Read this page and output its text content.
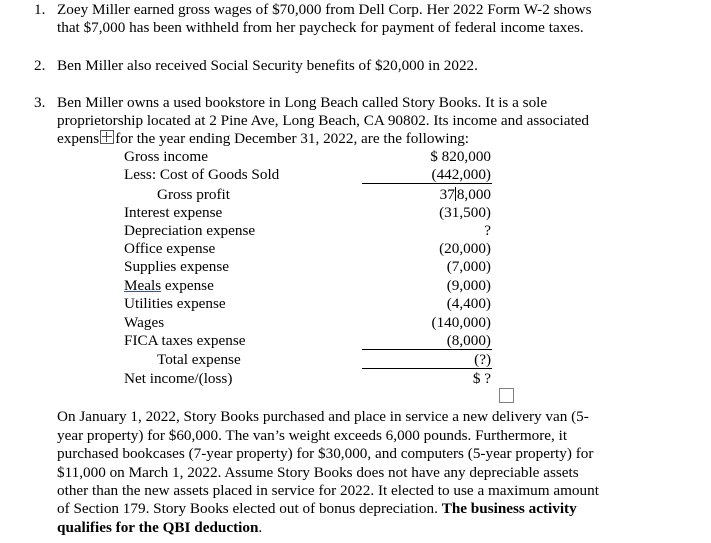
1. Zoey Miller earned gross wages of $70,000 from Dell Corp. Her 2022 Form W-2 shows
that $7,000 has been withheld from her paycheck for payment of federal income taxes.
2. Ben Miller also received Social Security benefits of $20,000 in 2022.
3. Ben Miller owns a used bookstore in Long Beach called Story Books. It is a sole
proprietorship located at 2 Pine Ave, Long Beach, CA 90802. Its income and associated
expens for the year ending December 31, 2022, are the following:
Gross income	$ 820,000
Less: Cost of Goods Sold	(442,000)
Gross profit	37 8,000
Interest expense	(31,500)
Depreciation expense	?
Office expense	(20,000)
Supplies expense	(7,000)
Meals expense	(9,000)
Utilities expense	(4,400)
Wages	(140,000)
FICA taxes expense	(8,000)
Total expense	(?)
Net income/(loss)	$ ?
On January 1, 2022, Story Books purchased and place in service a new delivery van (5-
year property) for $60,000. The van’s weight exceeds 6,000 pounds. Furthermore, it
purchased bookcases (7-year property) for $30,000, and computers (5-year property) for
$11,000 on March 1, 2022. Assume Story Books does not have any depreciable assets
other than the new assets placed in service for 2022. It elected to use a maximum amount
of Section 179. Story Books elected out of bonus depreciation. The business activity
qualifies for the QBI deduction.
